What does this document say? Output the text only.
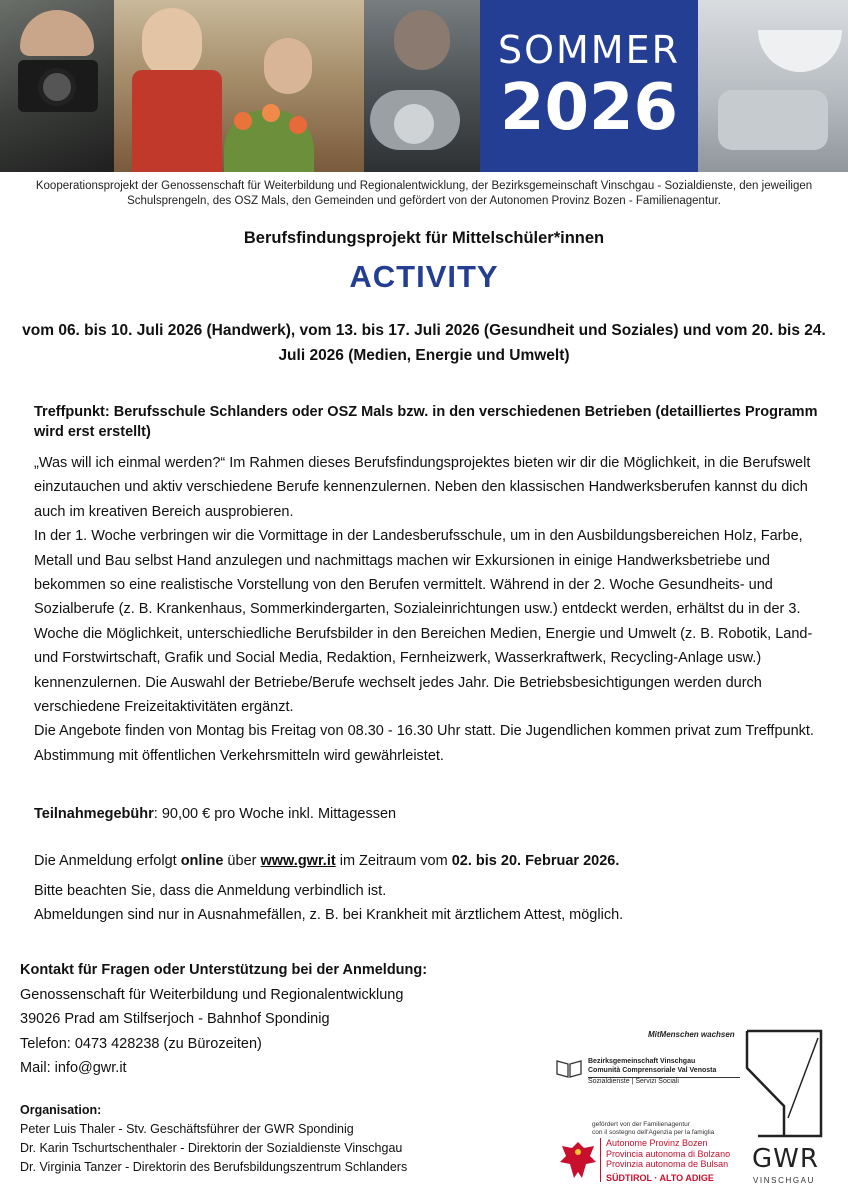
SOMMER
2026
Kooperationsprojekt der Genossenschaft für Weiterbildung und Regionalentwicklung, der Bezirksgemeinschaft Vinschgau - Sozialdienste, den jeweiligen Schulsprengeln, des OSZ Mals, den Gemeinden und gefördert von der Autonomen Provinz Bozen - Familienagentur.
Berufsfindungsprojekt für Mittelschüler*innen
ACTIVITY
vom 06. bis 10. Juli 2026 (Handwerk), vom 13. bis 17. Juli 2026 (Gesundheit und Soziales) und vom 20. bis 24. Juli 2026 (Medien, Energie und Umwelt)
Treffpunkt: Berufsschule Schlanders oder OSZ Mals bzw. in den verschiedenen Betrieben (detailliertes Programm wird erst erstellt)

„Was will ich einmal werden?“ Im Rahmen dieses Berufsfindungsprojektes bieten wir dir die Möglichkeit, in die Berufswelt einzutauchen und aktiv verschiedene Berufe kennenzulernen. Neben den klassischen Handwerksberufen kannst du dich auch im kreativen Bereich ausprobieren.

In der 1. Woche verbringen wir die Vormittage in der Landesberufsschule, um in den Ausbildungsbereichen Holz, Farbe, Metall und Bau selbst Hand anzulegen und nachmittags machen wir Exkursionen in einige Handwerksbetriebe und bekommen so eine realistische Vorstellung von den Berufen vermittelt. Während in der 2. Woche Gesundheits- und Sozialberufe (z. B. Krankenhaus, Sommerkindergarten, Sozialeinrichtungen usw.) entdeckt werden, erhältst du in der 3. Woche die Möglichkeit, unterschiedliche Berufsbilder in den Bereichen Medien, Energie und Umwelt (z. B. Robotik, Land- und Forstwirtschaft, Grafik und Social Media, Redaktion, Fernheizwerk, Wasserkraftwerk, Recycling-Anlage usw.) kennenzulernen. Die Auswahl der Betriebe/Berufe wechselt jedes Jahr. Die Betriebsbesichtigungen werden durch verschiedene Freizeitaktivitäten ergänzt.

Die Angebote finden von Montag bis Freitag von 08.30 - 16.30 Uhr statt. Die Jugendlichen kommen privat zum Treffpunkt. Abstimmung mit öffentlichen Verkehrsmitteln wird gewährleistet.

Teilnahmegebühr: 90,00 € pro Woche inkl. Mittagessen
Die Anmeldung erfolgt online über www.gwr.it im Zeitraum vom 02. bis 20. Februar 2026.
Bitte beachten Sie, dass die Anmeldung verbindlich ist.
Abmeldungen sind nur in Ausnahmefällen, z. B. bei Krankheit mit ärztlichem Attest, möglich.
Kontakt für Fragen oder Unterstützung bei der Anmeldung:
Genossenschaft für Weiterbildung und Regionalentwicklung
39026 Prad am Stilfserjoch - Bahnhof Spondinig
Telefon: 0473 428238 (zu Bürozeiten)
Mail: info@gwr.it
Organisation:
Peter Luis Thaler - Stv. Geschäftsführer der GWR Spondinig
Dr. Karin Tschurtschenthaler - Direktorin der Sozialdienste Vinschgau
Dr. Virginia Tanzer - Direktorin des Berufsbildungszentrum Schlanders
MitMenschen wachsen
Bezirksgemeinschaft Vinschgau
Comunità Comprensoriale Val Venosta
Sozialdienste | Servizi Sociali
gefördert von der Familienagentur
con il sostegno dell'Agenzia per la famiglia
Autonome Provinz Bozen
Provincia autonoma di Bolzano
Provinzia autonoma de Bulsan
SÜDTIROL · ALTO ADIGE
GWR
VINSCHGAU
